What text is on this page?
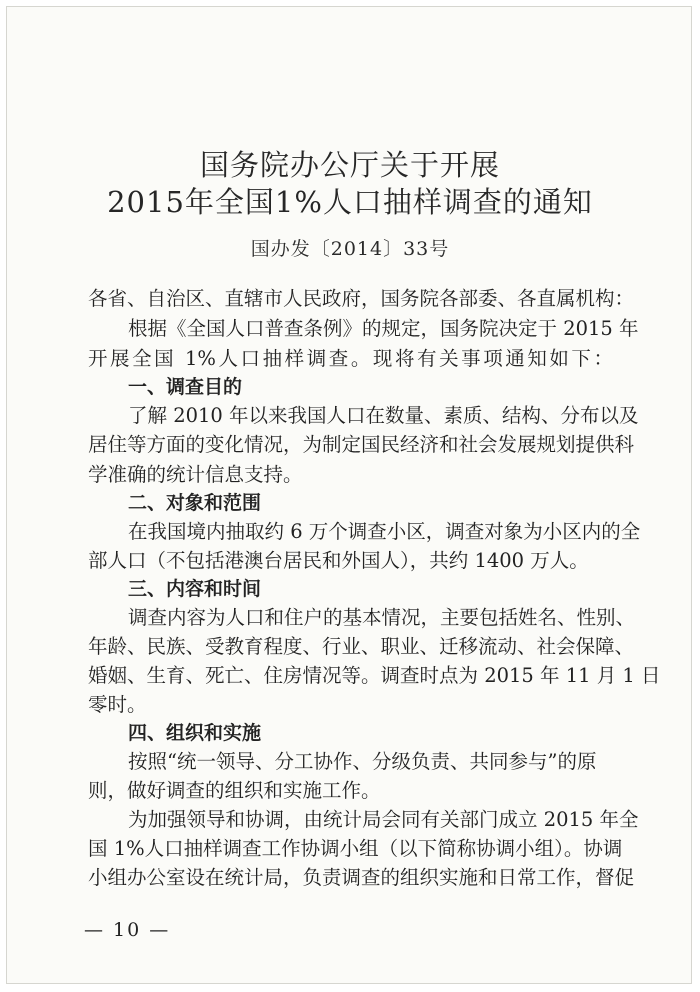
国务院办公厅关于开展
2015年全国1%人口抽样调查的通知
国办发〔2014〕33号
各省、自治区、直辖市人民政府，国务院各部委、各直属机构：
根据《全国人口普查条例》的规定，国务院决定于 2015 年
开展全国 1%人口抽样调查。现将有关事项通知如下：
一、调查目的
了解 2010 年以来我国人口在数量、素质、结构、分布以及
居住等方面的变化情况，为制定国民经济和社会发展规划提供科
学准确的统计信息支持。
二、对象和范围
在我国境内抽取约 6 万个调查小区，调查对象为小区内的全
部人口（不包括港澳台居民和外国人），共约 1400 万人。
三、内容和时间
调查内容为人口和住户的基本情况，主要包括姓名、性别、
年龄、民族、受教育程度、行业、职业、迁移流动、社会保障、
婚姻、生育、死亡、住房情况等。调查时点为 2015 年 11 月 1 日
零时。
四、组织和实施
按照“统一领导、分工协作、分级负责、共同参与”的原
则，做好调查的组织和实施工作。
为加强领导和协调，由统计局会同有关部门成立 2015 年全
国 1%人口抽样调查工作协调小组（以下简称协调小组）。协调
小组办公室设在统计局，负责调查的组织实施和日常工作，督促
— 10 —
